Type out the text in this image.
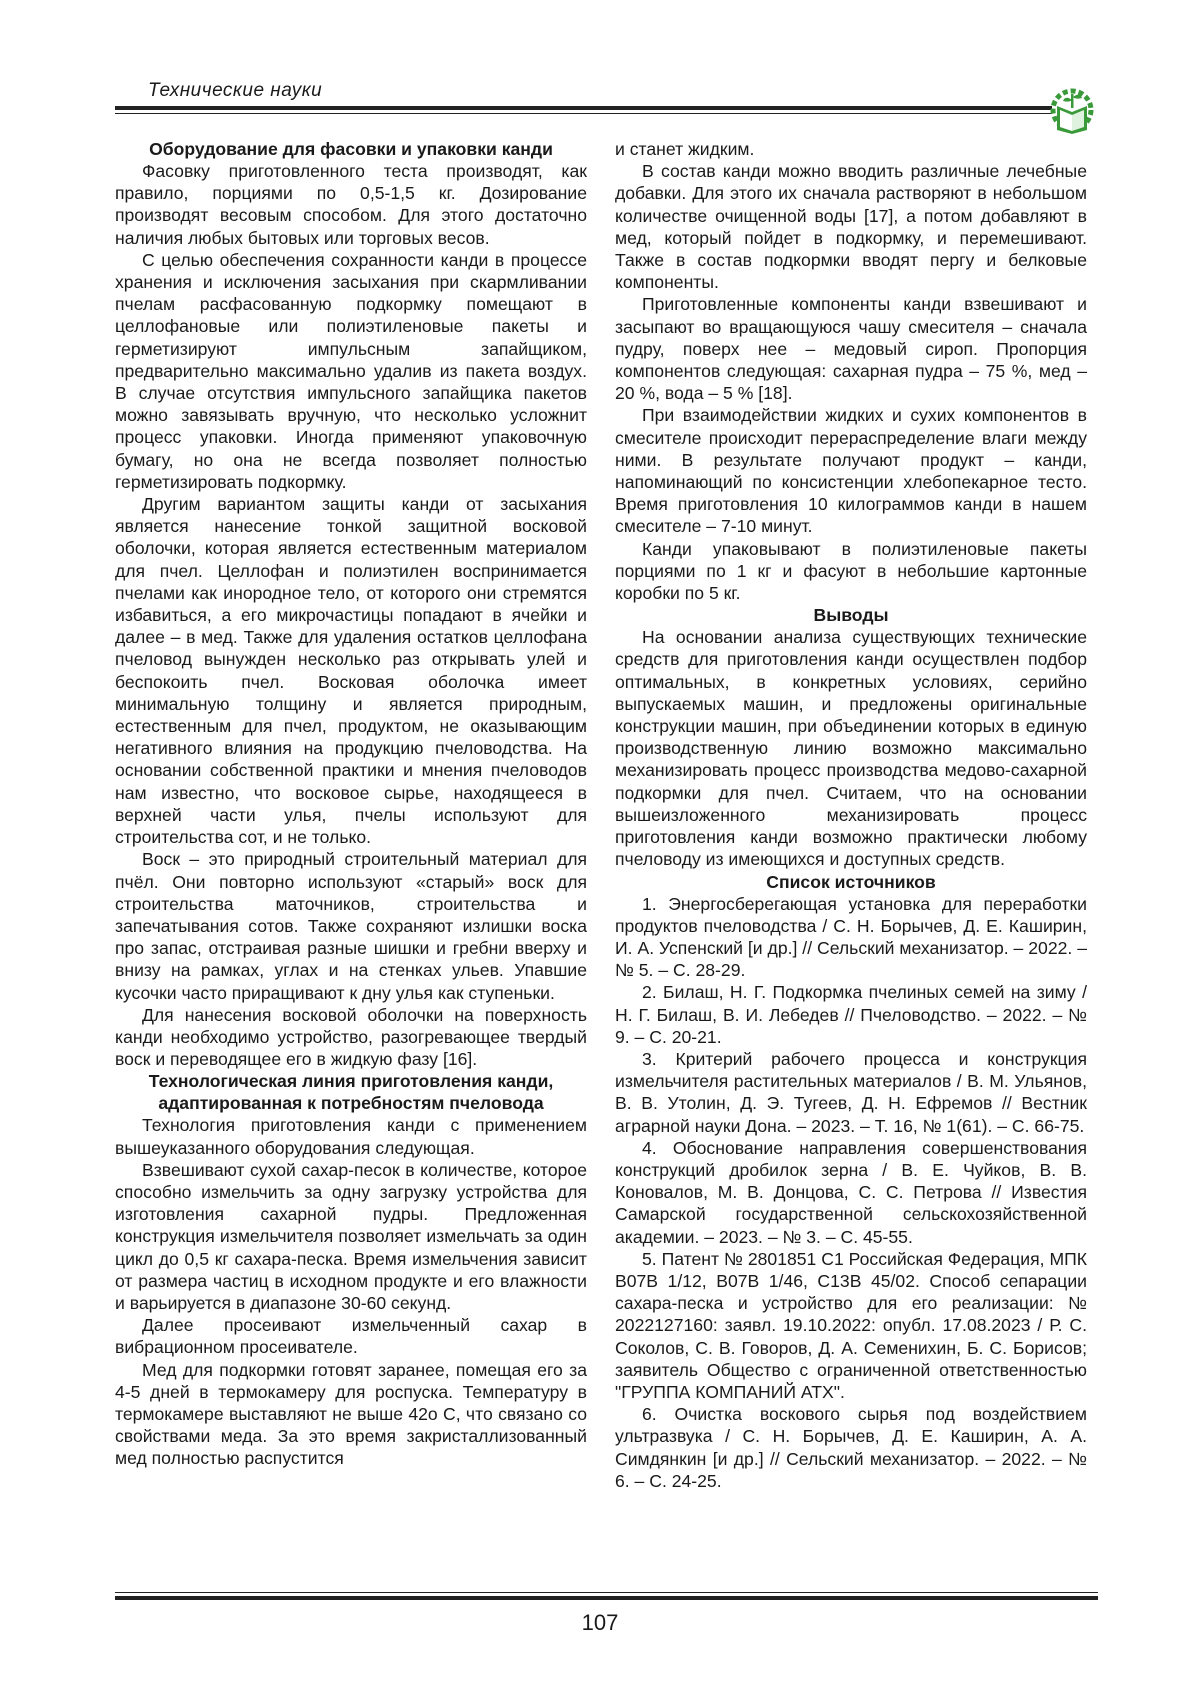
Технические науки
Оборудование для фасовки и упаковки канди

Фасовку приготовленного теста производят, как правило, порциями по 0,5-1,5 кг. Дозирование производят весовым способом. Для этого достаточно наличия любых бытовых или торговых весов.

С целью обеспечения сохранности канди в процессе хранения и исключения засыхания при скармливании пчелам расфасованную подкормку помещают в целлофановые или полиэтиленовые пакеты и герметизируют импульсным запайщиком, предварительно максимально удалив из пакета воздух. В случае отсутствия импульсного запайщика пакетов можно завязывать вручную, что несколько усложнит процесс упаковки. Иногда применяют упаковочную бумагу, но она не всегда позволяет полностью герметизировать подкормку.

Другим вариантом защиты канди от засыхания является нанесение тонкой защитной восковой оболочки, которая является естественным материалом для пчел. Целлофан и полиэтилен воспринимается пчелами как инородное тело, от которого они стремятся избавиться, а его микрочастицы попадают в ячейки и далее – в мед. Также для удаления остатков целлофана пчеловод вынужден несколько раз открывать улей и беспокоить пчел. Восковая оболочка имеет минимальную толщину и является природным, естественным для пчел, продуктом, не оказывающим негативного влияния на продукцию пчеловодства. На основании собственной практики и мнения пчеловодов нам известно, что восковое сырье, находящееся в верхней части улья, пчелы используют для строительства сот, и не только.

Воск – это природный строительный материал для пчёл. Они повторно используют «старый» воск для строительства маточников, строительства и запечатывания сотов. Также сохраняют излишки воска про запас, отстраивая разные шишки и гребни вверху и внизу на рамках, углах и на стенках ульев. Упавшие кусочки часто приращивают к дну улья как ступеньки.

Для нанесения восковой оболочки на поверхность канди необходимо устройство, разогревающее твердый воск и переводящее его в жидкую фазу [16].

Технологическая линия приготовления канди,
адаптированная к потребностям пчеловода

Технология приготовления канди с применением вышеуказанного оборудования следующая.

Взвешивают сухой сахар-песок в количестве, которое способно измельчить за одну загрузку устройства для изготовления сахарной пудры. Предложенная конструкция измельчителя позволяет измельчать за один цикл до 0,5 кг сахара-песка. Время измельчения зависит от размера частиц в исходном продукте и его влажности и варьируется в диапазоне 30-60 секунд.

Далее просеивают измельченный сахар в вибрационном просеивателе.

Мед для подкормки готовят заранее, помещая его за 4-5 дней в термокамеру для роспуска. Температуру в термокамере выставляют не выше 42о С, что связано со свойствами меда. За это время закристаллизованный мед полностью распустится

и станет жидким.

В состав канди можно вводить различные лечебные добавки. Для этого их сначала растворяют в небольшом количестве очищенной воды [17], а потом добавляют в мед, который пойдет в подкормку, и перемешивают. Также в состав подкормки вводят пергу и белковые компоненты.

Приготовленные компоненты канди взвешивают и засыпают во вращающуюся чашу смесителя – сначала пудру, поверх нее – медовый сироп. Пропорция компонентов следующая: сахарная пудра – 75 %, мед – 20 %, вода – 5 % [18].

При взаимодействии жидких и сухих компонентов в смесителе происходит перераспределение влаги между ними. В результате получают продукт – канди, напоминающий по консистенции хлебопекарное тесто. Время приготовления 10 килограммов канди в нашем смесителе – 7-10 минут.

Канди упаковывают в полиэтиленовые пакеты порциями по 1 кг и фасуют в небольшие картонные коробки по 5 кг.

Выводы

На основании анализа существующих технические средств для приготовления канди осуществлен подбор оптимальных, в конкретных условиях, серийно выпускаемых машин, и предложены оригинальные конструкции машин, при объединении которых в единую производственную линию возможно максимально механизировать процесс производства медово-сахарной подкормки для пчел. Считаем, что на основании вышеизложенного механизировать процесс приготовления канди возможно практически любому пчеловоду из имеющихся и доступных средств.

Список источников

1. Энергосберегающая установка для переработки продуктов пчеловодства / С. Н. Борычев, Д. Е. Каширин, И. А. Успенский [и др.] // Сельский механизатор. – 2022. – № 5. – С. 28-29.

2. Билаш, Н. Г. Подкормка пчелиных семей на зиму / Н. Г. Билаш, В. И. Лебедев // Пчеловодство. – 2022. – № 9. – С. 20-21.

3. Критерий рабочего процесса и конструкция измельчителя растительных материалов / В. М. Ульянов, В. В. Утолин, Д. Э. Тугеев, Д. Н. Ефремов // Вестник аграрной науки Дона. – 2023. – Т. 16, № 1(61). – С. 66-75.

4. Обоснование направления совершенствования конструкций дробилок зерна / В. Е. Чуйков, В. В. Коновалов, М. В. Донцова, С. С. Петрова // Известия Самарской государственной сельскохозяйственной академии. – 2023. – № 3. – С. 45-55.

5. Патент № 2801851 C1 Российская Федерация, МПК B07B 1/12, B07B 1/46, C13B 45/02. Способ сепарации сахара-песка и устройство для его реализации: № 2022127160: заявл. 19.10.2022: опубл. 17.08.2023 / Р. С. Соколов, С. В. Говоров, Д. А. Семенихин, Б. С. Борисов; заявитель Общество с ограниченной ответственностью "ГРУППА КОМПАНИЙ АТХ".

6. Очистка воскового сырья под воздействием ультразвука / С. Н. Борычев, Д. Е. Каширин, А. А. Симдянкин [и др.] // Сельский механизатор. – 2022. – № 6. – С. 24-25.

107
